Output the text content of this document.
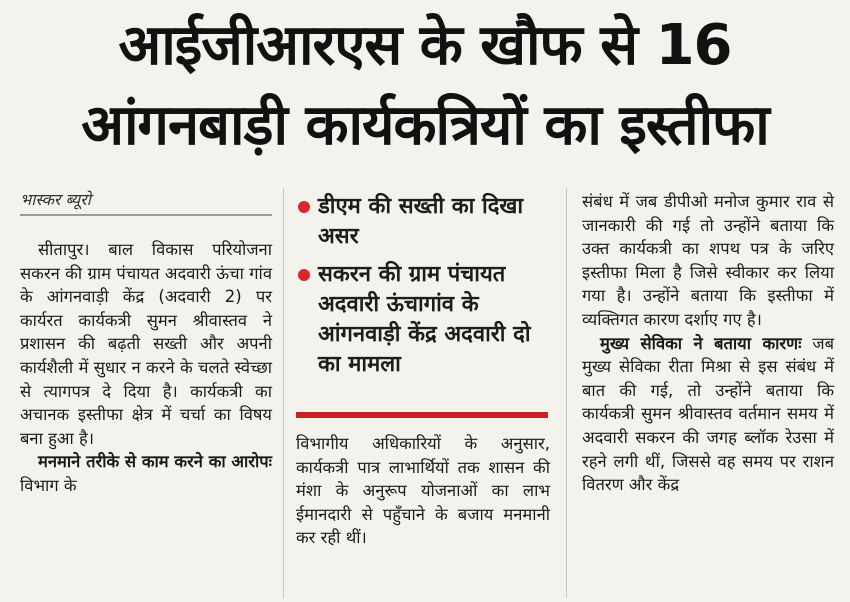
आईजीआरएस के खौफ से 16
आंगनबाड़ी कार्यकत्रियों का इस्तीफा
भास्कर ब्यूरो

सीतापुर। बाल विकास परियोजना सकरन की ग्राम पंचायत अदवारी ऊंचा गांव के आंगनवाड़ी केंद्र (अदवारी 2) पर कार्यरत कार्यकत्री सुमन श्रीवास्तव ने प्रशासन की बढ़ती सख्ती और अपनी कार्यशैली में सुधार न करने के चलते स्वेच्छा से त्यागपत्र दे दिया है। कार्यकत्री का अचानक इस्तीफा क्षेत्र में चर्चा का विषय बना हुआ है।

मनमाने तरीके से काम करने का आरोपः विभाग के

डीएम की सख्ती का दिखा असर
सकरन की ग्राम पंचायत अदवारी ऊंचागांव के आंगनवाड़ी केंद्र अदवारी दो का मामला

विभागीय अधिकारियों के अनुसार, कार्यकत्री पात्र लाभार्थियों तक शासन की मंशा के अनुरूप योजनाओं का लाभ ईमानदारी से पहुँचाने के बजाय मनमानी कर रही थीं।

संबंध में जब डीपीओ मनोज कुमार राव से जानकारी की गई तो उन्होंने बताया कि उक्त कार्यकत्री का शपथ पत्र के जरिए इस्तीफा मिला है जिसे स्वीकार कर लिया गया है। उन्होंने बताया कि इस्तीफा में व्यक्तिगत कारण दर्शाए गए है।

मुख्य सेविका ने बताया कारणः जब मुख्य सेविका रीता मिश्रा से इस संबंध में बात की गई, तो उन्होंने बताया कि कार्यकत्री सुमन श्रीवास्तव वर्तमान समय में अदवारी सकरन की जगह ब्लॉक रेउसा में रहने लगी थीं, जिससे वह समय पर राशन वितरण और केंद्र
